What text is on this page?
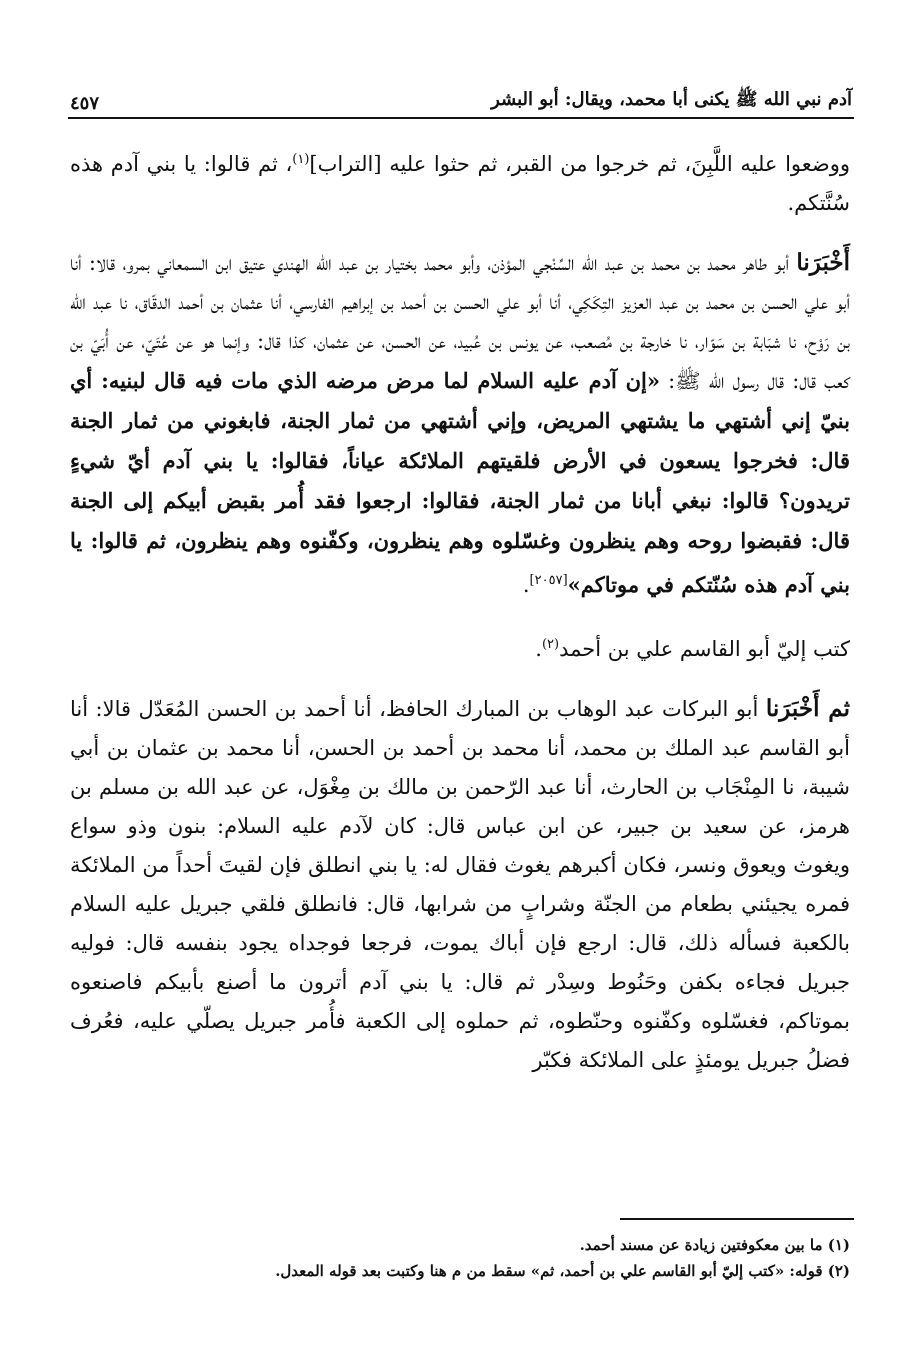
آدم نبي الله ﷺ يكنى أبا محمد، ويقال: أبو البشر
٤٥٧

ووضعوا عليه اللَّبِنَ، ثم خرجوا من القبر، ثم حثوا عليه [التراب]$^{(١)}$، ثم قالوا: يا بني آدم هذه سُنَّتكم.

أَخْبَرَنا أبو طاهر محمد بن محمد بن عبد الله السِّنْجي المؤذن، وأبو محمد بختيار بن عبد الله الهندي عتيق ابن السمعاني بمرو، قالا: أنا أبو علي الحسن بن محمد بن عبد العزيز التِكَكِي، أنا أبو علي الحسن بن أحمد بن إبراهيم الفارسي، أنا عثمان بن أحمد الدقّاق، نا عبد الله بن رَوْح، نا شبَابة بن سَوّار، نا خارجة بن مُصعب، عن يونس بن عُبيد، عن الحسن، عن عثمان، كذا قال: وإنما هو عن عُتَيّ، عن أُبَيّ بن كعب قال: قال رسول الله ﷺ: «إن آدم عليه السلام لما مرض مرضه الذي مات فيه قال لبنيه: أي بنيّ إني أشتهي ما يشتهي المريض، وإني أشتهي من ثمار الجنة، فابغوني من ثمار الجنة قال: فخرجوا يسعون في الأرض فلقيتهم الملائكة عياناً، فقالوا: يا بني آدم أيّ شيءٍ تريدون؟ قالوا: نبغي أبانا من ثمار الجنة، فقالوا: ارجعوا فقد أُمر بقبض أبيكم إلى الجنة قال: فقبضوا روحه وهم ينظرون وغسّلوه وهم ينظرون، وكفّنوه وهم ينظرون، ثم قالوا: يا بني آدم هذه سُنّتكم في موتاكم»[٢٠٥٧].

كتب إليّ أبو القاسم علي بن أحمد$^{(٢)}$.

ثم أَخْبَرَنا أبو البركات عبد الوهاب بن المبارك الحافظ، أنا أحمد بن الحسن المُعَدّل قالا: أنا أبو القاسم عبد الملك بن محمد، أنا محمد بن أحمد بن الحسن، أنا محمد بن عثمان بن أبي شيبة، نا المِنْجَاب بن الحارث، أنا عبد الرّحمن بن مالك بن مِغْوَل، عن عبد الله بن مسلم بن هرمز، عن سعيد بن جبير، عن ابن عباس قال: كان لآدم عليه السلام: بنون وذو سواع ويغوث ويعوق ونسر، فكان أكبرهم يغوث فقال له: يا بني انطلق فإن لقيتَ أحداً من الملائكة فمره يجيئني بطعام من الجنّة وشرابٍ من شرابها، قال: فانطلق فلقي جبريل عليه السلام بالكعبة فسأله ذلك، قال: ارجع فإن أباك يموت، فرجعا فوجداه يجود بنفسه قال: فوليه جبريل فجاءه بكفن وحَنُوط وسِدْر ثم قال: يا بني آدم أترون ما أصنع بأبيكم فاصنعوه بموتاكم، فغسّلوه وكفّنوه وحنّطوه، ثم حملوه إلى الكعبة فأُمر جبريل يصلّي عليه، فعُرف فضلُ جبريل يومئذٍ على الملائكة فكبّر

(١) ما بين معكوفتين زيادة عن مسند أحمد.

(٢) قوله: «كتب إليّ أبو القاسم علي بن أحمد، ثم» سقط من م هنا وكتبت بعد قوله المعدل.
